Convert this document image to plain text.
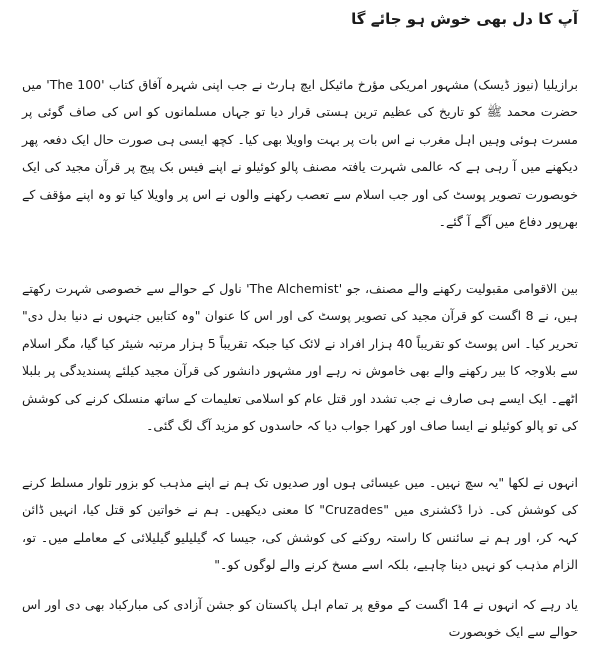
آپ کا دل بھی خوش ہو جائے گا

برازیلیا (نیوز ڈیسک) مشہور امریکی مؤرخ مائیکل ایچ ہارٹ نے جب اپنی شہرہ آفاق کتاب 'The 100' میں حضرت محمد ﷺ کو تاریخ کی عظیم ترین ہستی قرار دیا تو جہاں مسلمانوں کو اس کی صاف گوئی پر مسرت ہوئی وہیں اہل مغرب نے اس بات پر بہت واویلا بھی کیا۔ کچھ ایسی ہی صورت حال ایک دفعہ پھر دیکھنے میں آ رہی ہے کہ عالمی شہرت یافتہ مصنف پالو کوئیلو نے اپنے فیس بک پیج پر قرآن مجید کی ایک خوبصورت تصویر پوسٹ کی اور جب اسلام سے تعصب رکھنے والوں نے اس پر واویلا کیا تو وہ اپنے مؤقف کے بھرپور دفاع میں آگے آ گئے۔

بین الاقوامی مقبولیت رکھنے والے مصنف، جو 'The Alchemist' ناول کے حوالے سے خصوصی شہرت رکھتے ہیں، نے 8 اگست کو قرآن مجید کی تصویر پوسٹ کی اور اس کا عنوان "وہ کتابیں جنہوں نے دنیا بدل دی" تحریر کیا۔ اس پوسٹ کو تقریباً 40 ہزار افراد نے لائک کیا جبکہ تقریباً 5 ہزار مرتبہ شیئر کیا گیا، مگر اسلام سے بلاوجہ کا بیر رکھنے والے بھی خاموش نہ رہے اور مشہور دانشور کی قرآن مجید کیلئے پسندیدگی پر بلبلا اٹھے۔ ایک ایسے ہی صارف نے جب تشدد اور قتل عام کو اسلامی تعلیمات کے ساتھ منسلک کرنے کی کوشش کی تو پالو کوئیلو نے ایسا صاف اور کھرا جواب دیا کہ حاسدوں کو مزید آگ لگ گئی۔

انہوں نے لکھا "یہ سچ نہیں۔ میں عیسائی ہوں اور صدیوں تک ہم نے اپنے مذہب کو بزور تلوار مسلط کرنے کی کوشش کی۔ ذرا ڈکشنری میں "Cruzades" کا معنی دیکھیں۔ ہم نے خواتین کو قتل کیا، انہیں ڈائن کہہ کر، اور ہم نے سائنس کا راستہ روکنے کی کوشش کی، جیسا کہ گیلیلیو گیلیلائی کے معاملے میں۔ تو، الزام مذہب کو نہیں دینا چاہیے، بلکہ اسے مسخ کرنے والے لوگوں کو۔"

یاد رہے کہ انہوں نے 14 اگست کے موقع پر تمام اہل پاکستان کو جشن آزادی کی مبارکباد بھی دی اور اس حوالے سے ایک خوبصورت
